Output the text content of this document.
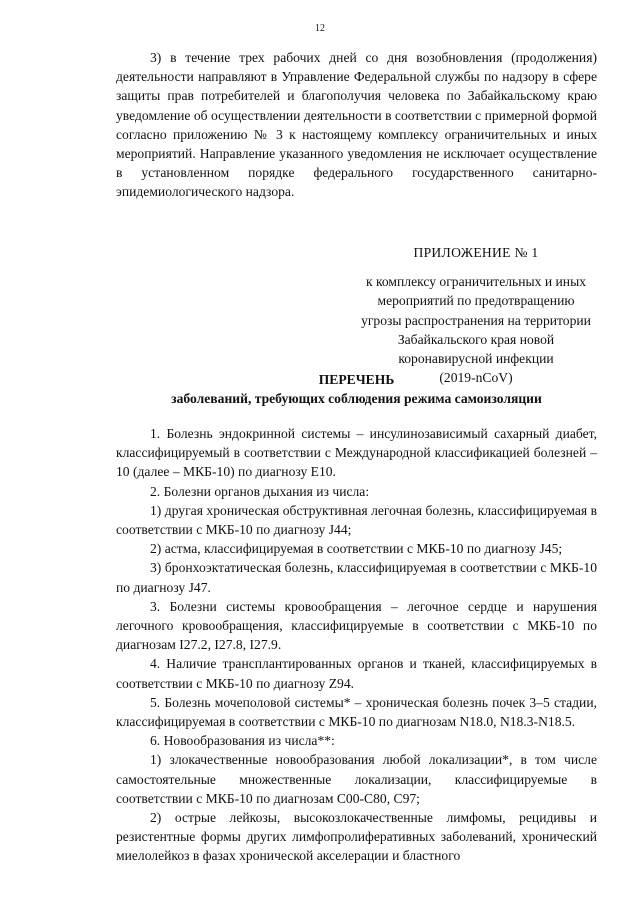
12

3) в течение трех рабочих дней со дня возобновления (продолжения) деятельности направляют в Управление Федеральной службы по надзору в сфере защиты прав потребителей и благополучия человека по Забайкальскому краю уведомление об осуществлении деятельности в соответствии с примерной формой согласно приложению № 3 к настоящему комплексу ограничительных и иных мероприятий. Направление указанного уведомления не исключает осуществление в установленном порядке федерального государственного санитарно-эпидемиологического надзора.

ПРИЛОЖЕНИЕ № 1
к комплексу ограничительных и иных
мероприятий по предотвращению
угрозы распространения на территории
Забайкальского края новой
коронавирусной инфекции
(2019-nCoV)
ПЕРЕЧЕНЬ
заболеваний, требующих соблюдения режима самоизоляции

1. Болезнь эндокринной системы – инсулинозависимый сахарный диабет, классифицируемый в соответствии с Международной классификацией болезней – 10 (далее – МКБ-10) по диагнозу E10.

2. Болезни органов дыхания из числа:

1) другая хроническая обструктивная легочная болезнь, классифицируемая в соответствии с МКБ-10 по диагнозу J44;

2) астма, классифицируемая в соответствии с МКБ-10 по диагнозу J45;

3) бронхоэктатическая болезнь, классифицируемая в соответствии с МКБ-10 по диагнозу J47.

3. Болезни системы кровообращения – легочное сердце и нарушения легочного кровообращения, классифицируемые в соответствии с МКБ-10 по диагнозам I27.2, I27.8, I27.9.

4. Наличие трансплантированных органов и тканей, классифицируемых в соответствии с МКБ-10 по диагнозу Z94.

5. Болезнь мочеполовой системы* – хроническая болезнь почек 3–5 стадии, классифицируемая в соответствии с МКБ-10 по диагнозам N18.0, N18.3-N18.5.

6. Новообразования из числа**:

1) злокачественные новообразования любой локализации*, в том числе самостоятельные множественные локализации, классифицируемые в соответствии с МКБ-10 по диагнозам C00-C80, C97;

2) острые лейкозы, высокозлокачественные лимфомы, рецидивы и резистентные формы других лимфопролиферативных заболеваний, хронический миелолейкоз в фазах хронической акселерации и бластного
